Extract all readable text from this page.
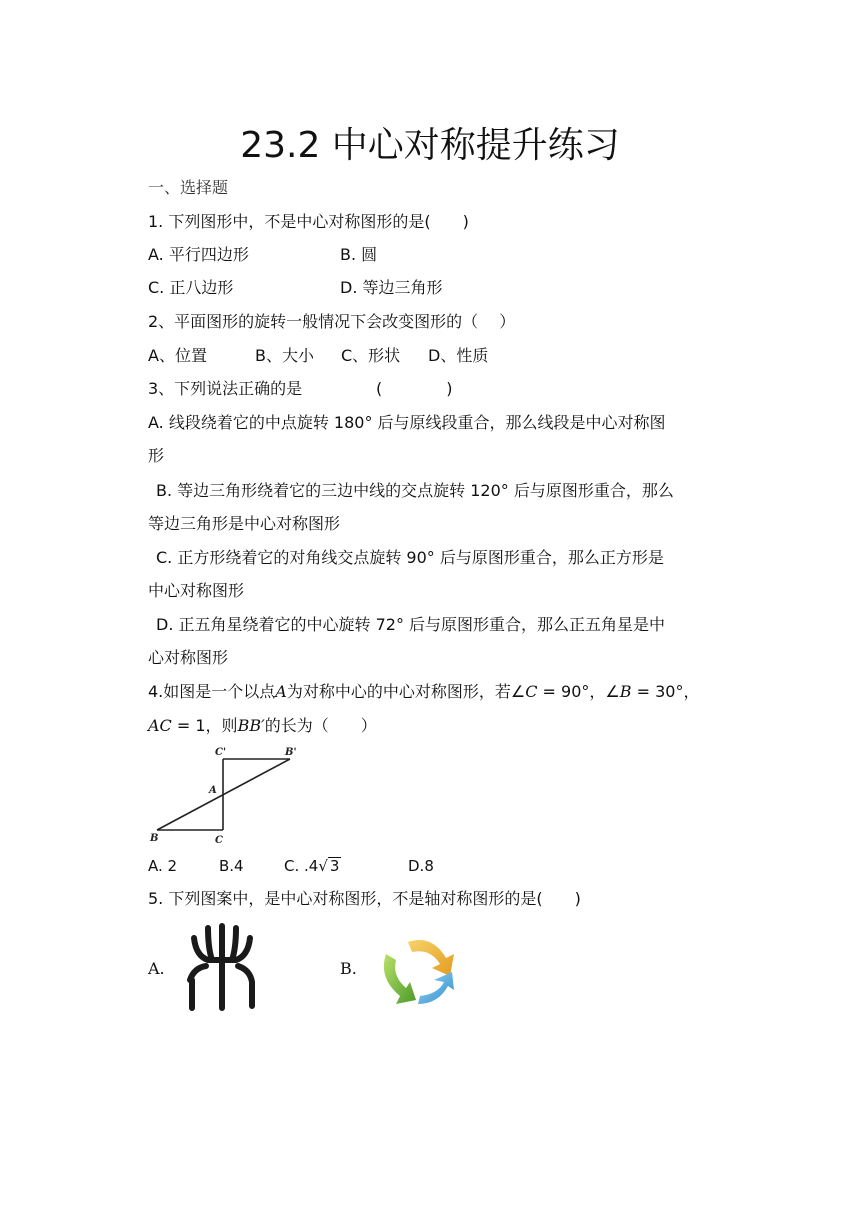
23.2 中心对称提升练习
一、选择题
1. 下列图形中，不是中心对称图形的是(　　)
A. 平行四边形	B. 圆
C. 正八边形	D. 等边三角形
2、平面图形的旋转一般情况下会改变图形的（　 ）
A、位置	B、大小 C、形状 D、性质
3、下列说法正确的是	(　　　　)
A. 线段绕着它的中点旋转 180° 后与原线段重合，那么线段是中心对称图
形
B. 等边三角形绕着它的三边中线的交点旋转 120° 后与原图形重合，那么
等边三角形是中心对称图形
C. 正方形绕着它的对角线交点旋转 90° 后与原图形重合，那么正方形是
中心对称图形
D. 正五角星绕着它的中心旋转 72° 后与原图形重合，那么正五角星是中
心对称图形
4.如图是一个以点A为对称中心的中心对称图形，若∠C = 90°，∠B = 30°，
AC = 1，则BB′的长为（　　）
C'	B'
A
B	C
A. 2	B.4	C. .4√ 3	D.8
5. 下列图案中，是中心对称图形，不是轴对称图形的是(　　)
A.	B.
